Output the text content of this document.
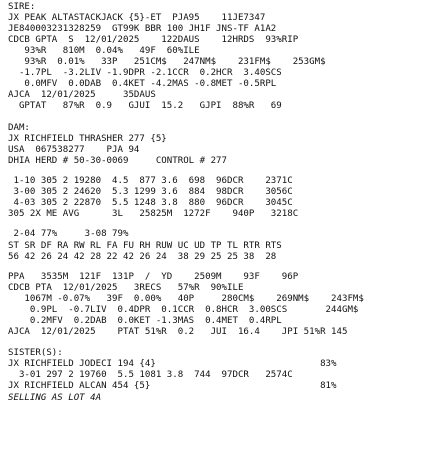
SIRE:
JX PEAK ALTASTACKJACK {5}-ET  PJA95    11JE7347
JE840003231328259  GT99K BBR 100 JH1F JNS-TF A1A2
CDCB GPTA  S  12/01/2025    122DAUS    12HRDS  93%RIP
93%R   810M  0.04%   49F  60%ILE
93%R  0.01%   33P   251CM$   247NM$    231FM$    253GM$
-1.7PL  -3.2LIV -1.9DPR -2.1CCR  0.2HCR  3.40SCS
0.0MFV  0.0DAB  0.4KET -4.2MAS -0.8MET -0.5RPL
AJCA  12/01/2025     35DAUS
GPTAT   87%R  0.9   GJUI  15.2   GJPI  88%R   69
DAM:
JX RICHFIELD THRASHER 277 {5}
USA  067538277    PJA 94
DHIA HERD # 50-30-0069     CONTROL # 277
1-10 305 2 19280  4.5  877 3.6  698  96DCR    2371C
3-00 305 2 24620  5.3 1299 3.6  884  98DCR    3056C
4-03 305 2 22870  5.5 1248 3.8  880  96DCR    3045C
305 2X ME AVG      3L   25825M  1272F    940P   3218C
2-04 77%     3-08 79%
ST SR DF RA RW RL FA FU RH RUW UC UD TP TL RTR RTS
56 42 26 24 42 28 22 42 26 24  38 29 25 25 38  28
PPA   3535M  121F  131P  /  YD    2509M    93F    96P
CDCB PTA  12/01/2025   3RECS   57%R  90%ILE
1067M -0.07%   39F  0.00%   40P     280CM$    269NM$    243FM$
0.9PL  -0.7LIV  0.4DPR  0.1CCR  0.8HCR  3.00SCS       244GM$
0.2MFV  0.2DAB  0.0KET -1.3MAS  0.4MET  0.4RPL
AJCA  12/01/2025    PTAT 51%R  0.2   JUI  16.4    JPI 51%R 145
SISTER(S):
JX RICHFIELD JODECI 194 {4}                              83%
3-01 297 2 19760  5.5 1081 3.8  744  97DCR   2574C
JX RICHFIELD ALCAN 454 {5}                               81%
SELLING AS LOT 4A
